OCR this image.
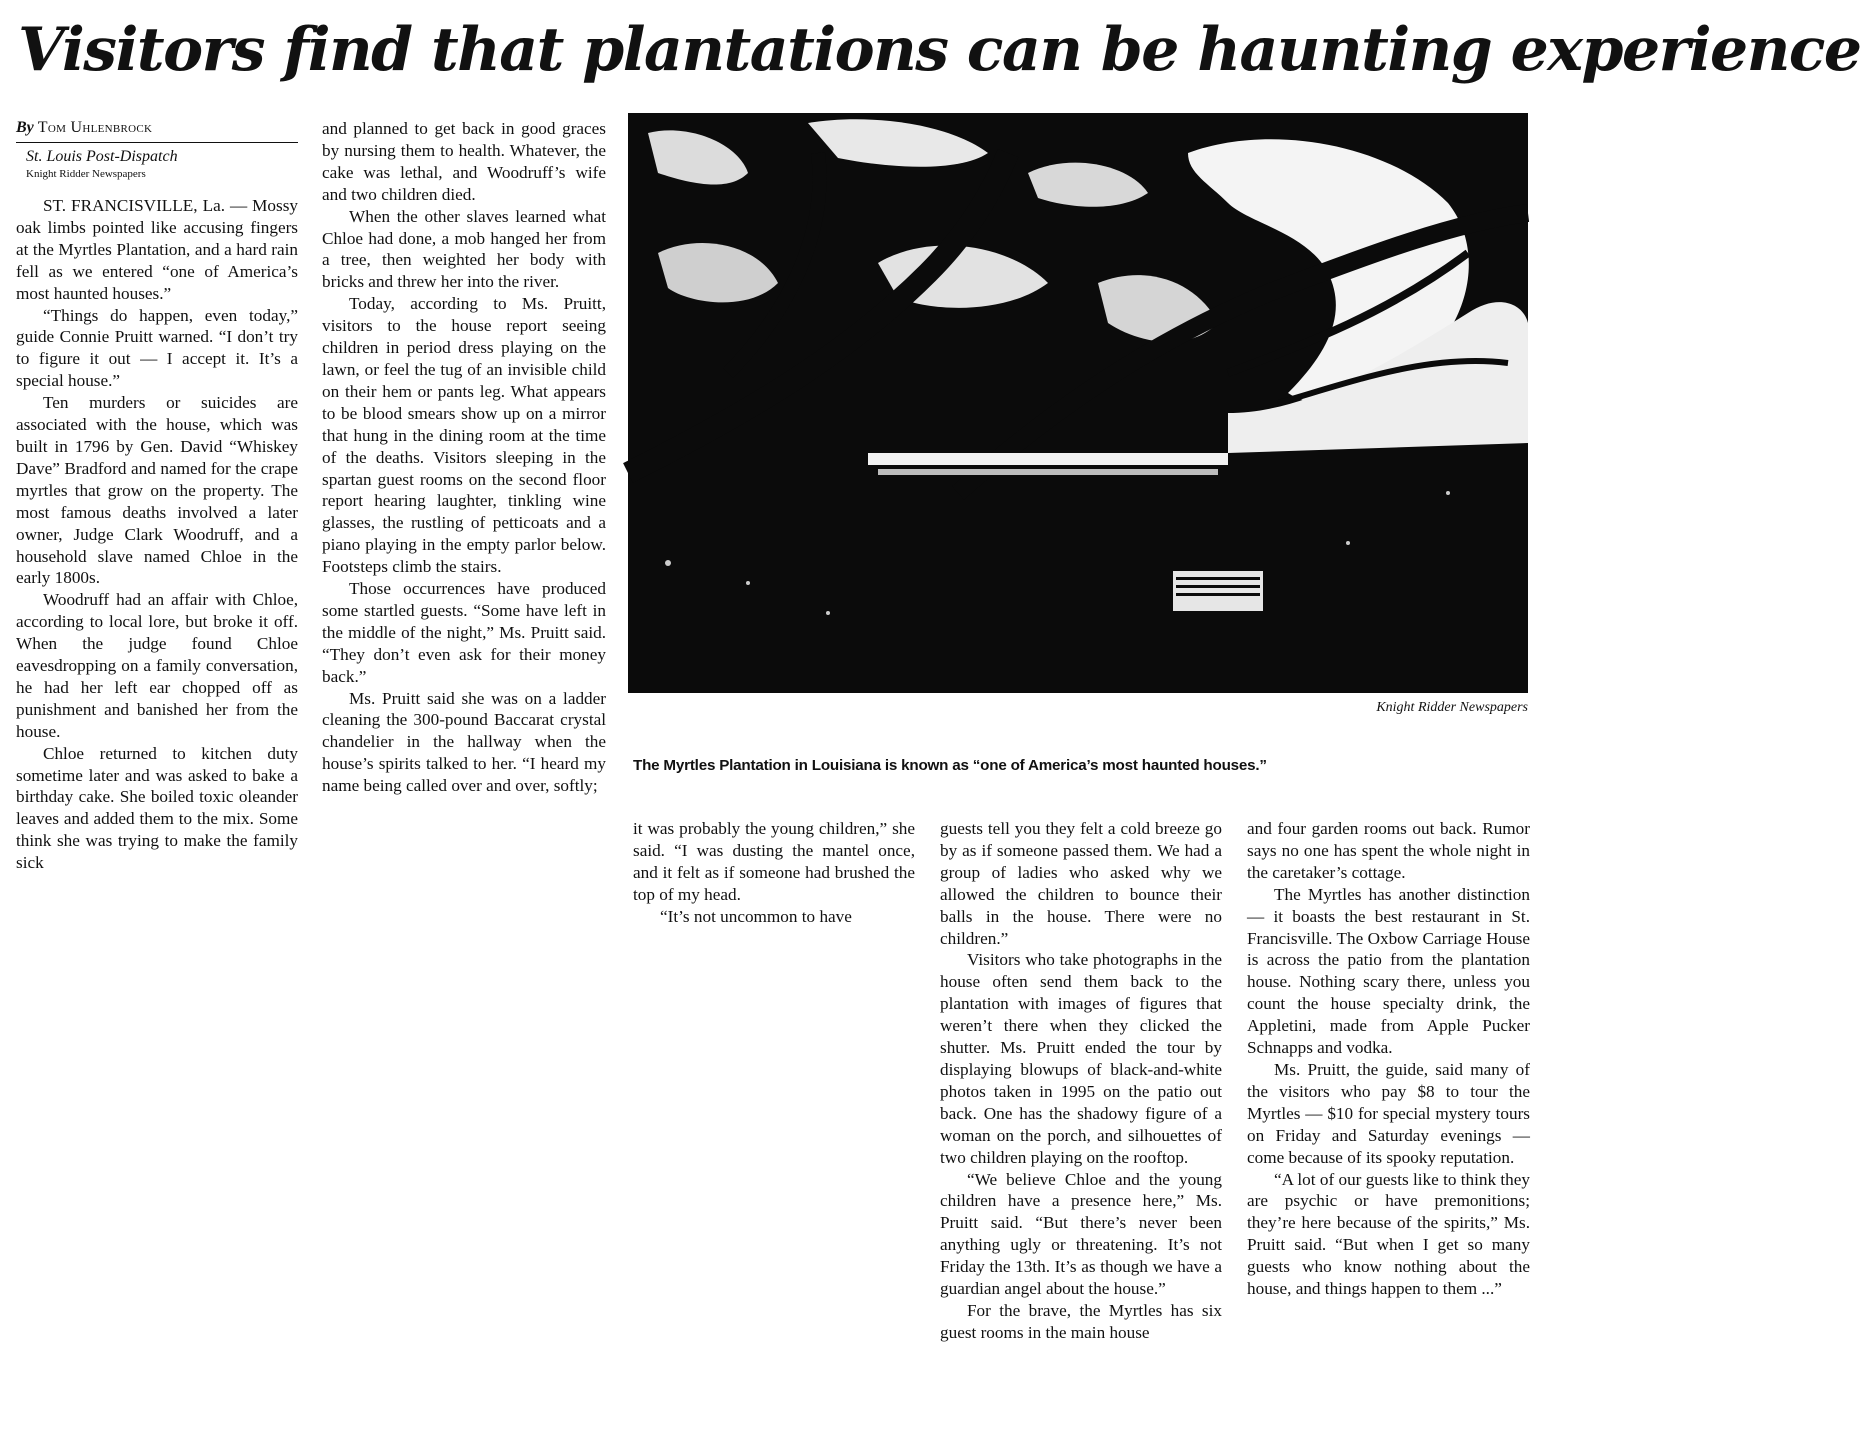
Visitors find that plantations can be haunting experience
By Tom Uhlenbrock
St. Louis Post-Dispatch
Knight Ridder Newspapers

ST. FRANCISVILLE, La. — Mossy oak limbs pointed like accusing fingers at the Myrtles Plantation, and a hard rain fell as we entered “one of America’s most haunted houses.”

“Things do happen, even today,” guide Connie Pruitt warned. “I don’t try to figure it out — I accept it. It’s a special house.”

Ten murders or suicides are associated with the house, which was built in 1796 by Gen. David “Whiskey Dave” Bradford and named for the crape myrtles that grow on the property. The most famous deaths involved a later owner, Judge Clark Woodruff, and a household slave named Chloe in the early 1800s.

Woodruff had an affair with Chloe, according to local lore, but broke it off. When the judge found Chloe eavesdropping on a family conversation, he had her left ear chopped off as punishment and banished her from the house.

Chloe returned to kitchen duty sometime later and was asked to bake a birthday cake. She boiled toxic oleander leaves and added them to the mix. Some think she was trying to make the family sick

and planned to get back in good graces by nursing them to health. Whatever, the cake was lethal, and Woodruff’s wife and two children died.

When the other slaves learned what Chloe had done, a mob hanged her from a tree, then weighted her body with bricks and threw her into the river.

Today, according to Ms. Pruitt, visitors to the house report seeing children in period dress playing on the lawn, or feel the tug of an invisible child on their hem or pants leg. What appears to be blood smears show up on a mirror that hung in the dining room at the time of the deaths. Visitors sleeping in the spartan guest rooms on the second floor report hearing laughter, tinkling wine glasses, the rustling of petticoats and a piano playing in the empty parlor below. Footsteps climb the stairs.

Those occurrences have produced some startled guests. “Some have left in the middle of the night,” Ms. Pruitt said. “They don’t even ask for their money back.”

Ms. Pruitt said she was on a ladder cleaning the 300-pound Baccarat crystal chandelier in the hallway when the house’s spirits talked to her. “I heard my name being called over and over, softly;

Knight Ridder Newspapers
The Myrtles Plantation in Louisiana is known as “one of America’s most haunted houses.”

it was probably the young children,” she said. “I was dusting the mantel once, and it felt as if someone had brushed the top of my head.

“It’s not uncommon to have

guests tell you they felt a cold breeze go by as if someone passed them. We had a group of ladies who asked why we allowed the children to bounce their balls in the house. There were no children.”

Visitors who take photographs in the house often send them back to the plantation with images of figures that weren’t there when they clicked the shutter. Ms. Pruitt ended the tour by displaying blowups of black-and-white photos taken in 1995 on the patio out back. One has the shadowy figure of a woman on the porch, and silhouettes of two children playing on the rooftop.

“We believe Chloe and the young children have a presence here,” Ms. Pruitt said. “But there’s never been anything ugly or threatening. It’s not Friday the 13th. It’s as though we have a guardian angel about the house.”

For the brave, the Myrtles has six guest rooms in the main house

and four garden rooms out back. Rumor says no one has spent the whole night in the caretaker’s cottage.

The Myrtles has another distinction — it boasts the best restaurant in St. Francisville. The Oxbow Carriage House is across the patio from the plantation house. Nothing scary there, unless you count the house specialty drink, the Appletini, made from Apple Pucker Schnapps and vodka.

Ms. Pruitt, the guide, said many of the visitors who pay $8 to tour the Myrtles — $10 for special mystery tours on Friday and Saturday evenings — come because of its spooky reputation.

“A lot of our guests like to think they are psychic or have premonitions; they’re here because of the spirits,” Ms. Pruitt said. “But when I get so many guests who know nothing about the house, and things happen to them ...”
